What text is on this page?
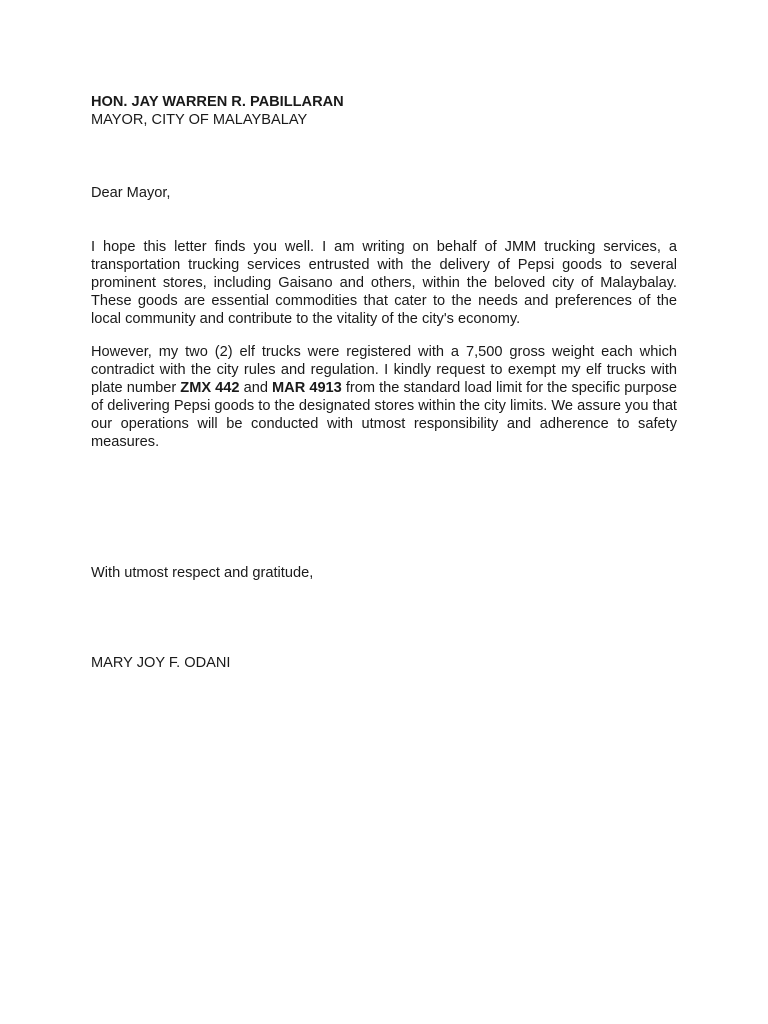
HON. JAY WARREN R. PABILLARAN

MAYOR, CITY OF MALAYBALAY

Dear Mayor,

I hope this letter finds you well. I am writing on behalf of JMM trucking services, a transportation trucking services entrusted with the delivery of Pepsi goods to several prominent stores, including Gaisano and others, within the beloved city of Malaybalay. These goods are essential commodities that cater to the needs and preferences of the local community and contribute to the vitality of the city's economy.

However, my two (2) elf trucks were registered with a 7,500 gross weight each which contradict with the city rules and regulation. I kindly request to exempt my elf trucks with plate number ZMX 442 and MAR 4913 from the standard load limit for the specific purpose of delivering Pepsi goods to the designated stores within the city limits. We assure you that our operations will be conducted with utmost responsibility and adherence to safety measures.

With utmost respect and gratitude,

MARY JOY F. ODANI
